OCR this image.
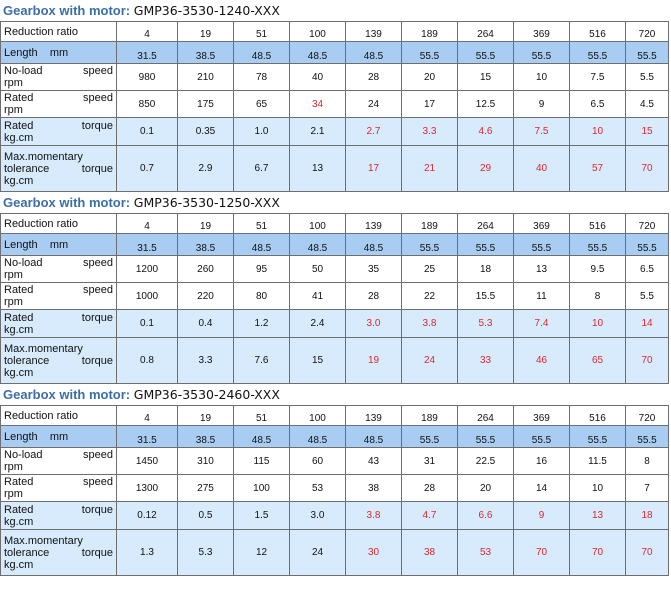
Gearbox with motor: GMP36-3530-1240-XXX
Reduction ratio	4	19	51	100	139	189	264	369	516	720
Length mm	31.5	38.5	48.5	48.5	48.5	55.5	55.5	55.5	55.5	55.5

No-load speed
rpm	980	210	78	40	28	20	15	10	7.5	5.5

Rated speed
rpm	850	175	65	34	24	17	12.5	9	6.5	4.5

Rated torque
kg.cm	0.1	0.35	1.0	2.1	2.7	3.3	4.6	7.5	10	15

Max.momentary
tolerance torque
kg.cm	0.7	2.9	6.7	13	17	21	29	40	57	70
Gearbox with motor: GMP36-3530-1250-XXX
Reduction ratio	4	19	51	100	139	189	264	369	516	720
Length mm	31.5	38.5	48.5	48.5	48.5	55.5	55.5	55.5	55.5	55.5

No-load speed
rpm	1200	260	95	50	35	25	18	13	9.5	6.5

Rated speed
rpm	1000	220	80	41	28	22	15.5	11	8	5.5

Rated torque
kg.cm	0.1	0.4	1.2	2.4	3.0	3.8	5.3	7.4	10	14

Max.momentary
tolerance torque
kg.cm	0.8	3.3	7.6	15	19	24	33	46	65	70
Gearbox with motor: GMP36-3530-2460-XXX
Reduction ratio	4	19	51	100	139	189	264	369	516	720
Length mm	31.5	38.5	48.5	48.5	48.5	55.5	55.5	55.5	55.5	55.5

No-load speed
rpm	1450	310	115	60	43	31	22.5	16	11.5	8

Rated speed
rpm	1300	275	100	53	38	28	20	14	10	7

Rated torque
kg.cm	0.12	0.5	1.5	3.0	3.8	4.7	6.6	9	13	18

Max.momentary
tolerance torque
kg.cm	1.3	5.3	12	24	30	38	53	70	70	70
